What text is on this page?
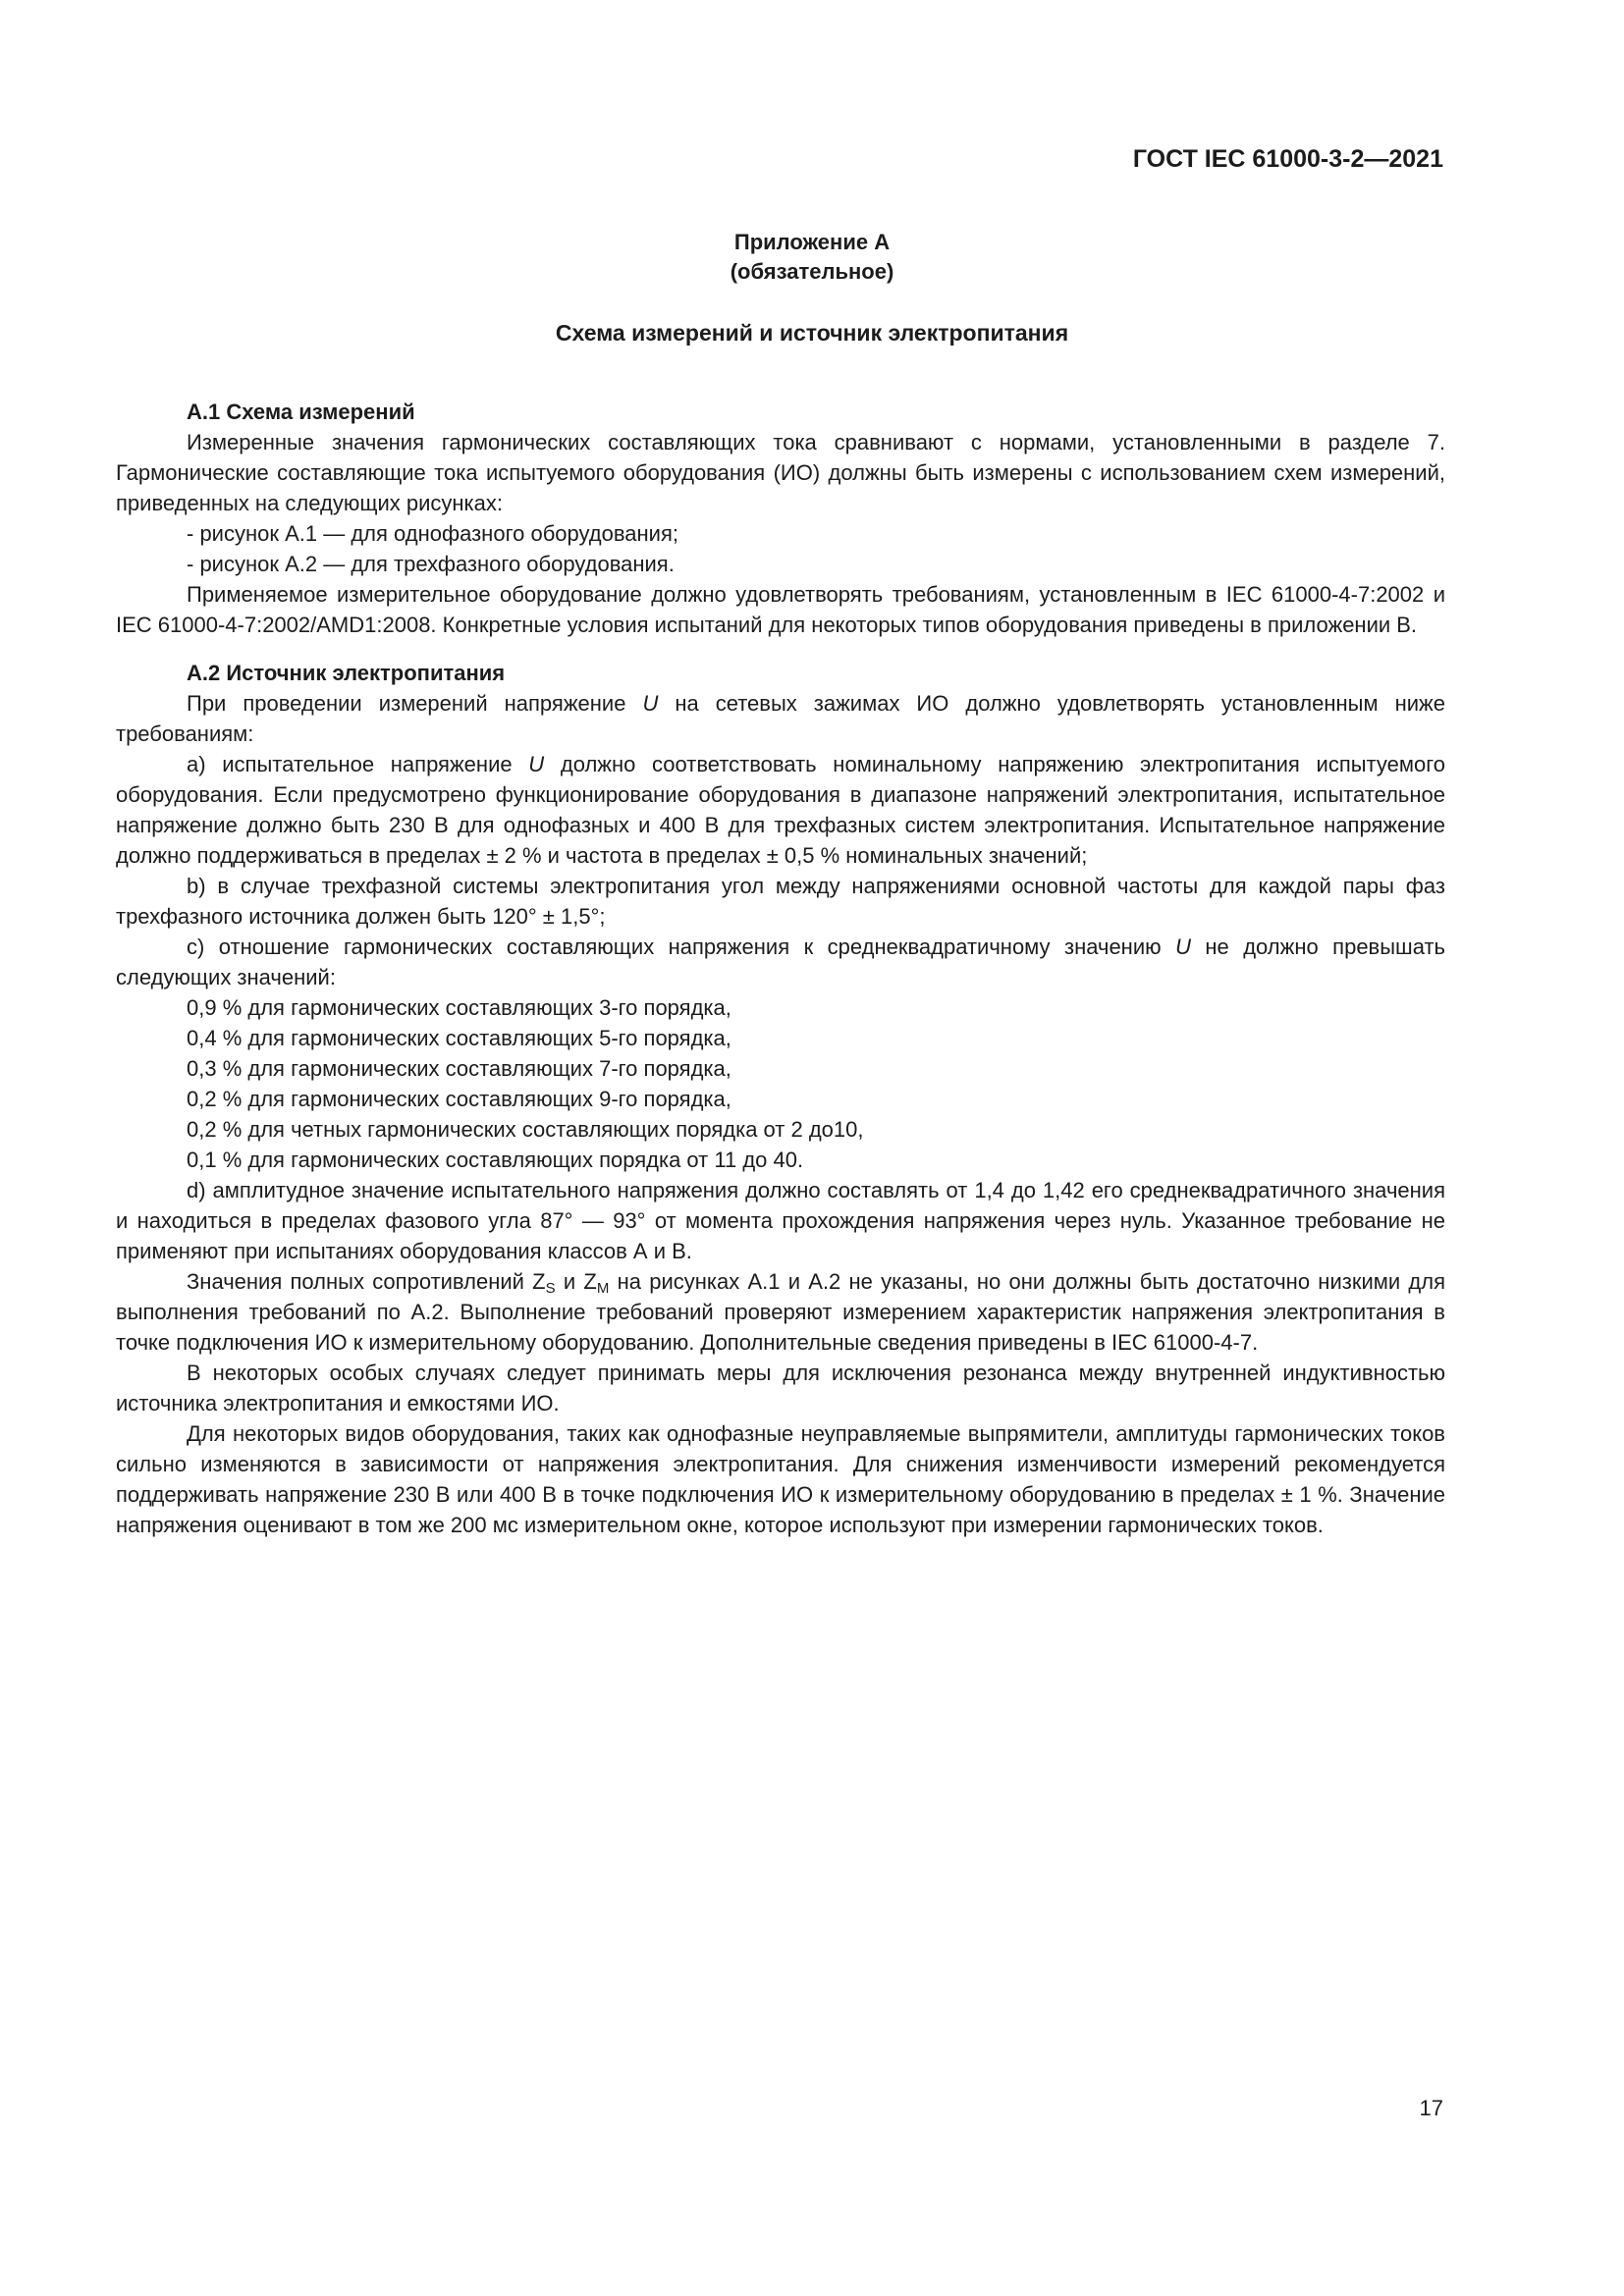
ГОСТ IEC 61000-3-2—2021
Приложение А
(обязательное)
Схема измерений и источник электропитания
А.1 Схема измерений

Измеренные значения гармонических составляющих тока сравнивают с нормами, установленными в разделе 7. Гармонические составляющие тока испытуемого оборудования (ИО) должны быть измерены с использованием схем измерений, приведенных на следующих рисунках:

- рисунок А.1 — для однофазного оборудования;

- рисунок А.2 — для трехфазного оборудования.

Применяемое измерительное оборудование должно удовлетворять требованиям, установленным в IEC 61000-4-7:2002 и IEC 61000-4-7:2002/AMD1:2008. Конкретные условия испытаний для некоторых типов оборудования приведены в приложении В.

А.2 Источник электропитания

При проведении измерений напряжение U на сетевых зажимах ИО должно удовлетворять установленным ниже требованиям:

a) испытательное напряжение U должно соответствовать номинальному напряжению электропитания испытуемого оборудования. Если предусмотрено функционирование оборудования в диапазоне напряжений электропитания, испытательное напряжение должно быть 230 В для однофазных и 400 В для трехфазных систем электропитания. Испытательное напряжение должно поддерживаться в пределах ± 2 % и частота в пределах ± 0,5 % номинальных значений;

b) в случае трехфазной системы электропитания угол между напряжениями основной частоты для каждой пары фаз трехфазного источника должен быть 120° ± 1,5°;

c) отношение гармонических составляющих напряжения к среднеквадратичному значению U не должно превышать следующих значений:

0,9 % для гармонических составляющих 3-го порядка,

0,4 % для гармонических составляющих 5-го порядка,

0,3 % для гармонических составляющих 7-го порядка,

0,2 % для гармонических составляющих 9-го порядка,

0,2 % для четных гармонических составляющих порядка от 2 до10,

0,1 % для гармонических составляющих порядка от 11 до 40.

d) амплитудное значение испытательного напряжения должно составлять от 1,4 до 1,42 его среднеквадратичного значения и находиться в пределах фазового угла 87° — 93° от момента прохождения напряжения через нуль. Указанное требование не применяют при испытаниях оборудования классов А и В.

Значения полных сопротивлений $Z_S$ и $Z_M$ на рисунках А.1 и А.2 не указаны, но они должны быть достаточно низкими для выполнения требований по А.2. Выполнение требований проверяют измерением характеристик напряжения электропитания в точке подключения ИО к измерительному оборудованию. Дополнительные сведения приведены в IEC 61000-4-7.

В некоторых особых случаях следует принимать меры для исключения резонанса между внутренней индуктивностью источника электропитания и емкостями ИО.

Для некоторых видов оборудования, таких как однофазные неуправляемые выпрямители, амплитуды гармонических токов сильно изменяются в зависимости от напряжения электропитания. Для снижения изменчивости измерений рекомендуется поддерживать напряжение 230 В или 400 В в точке подключения ИО к измерительному оборудованию в пределах ± 1 %. Значение напряжения оценивают в том же 200 мс измерительном окне, которое используют при измерении гармонических токов.

17
